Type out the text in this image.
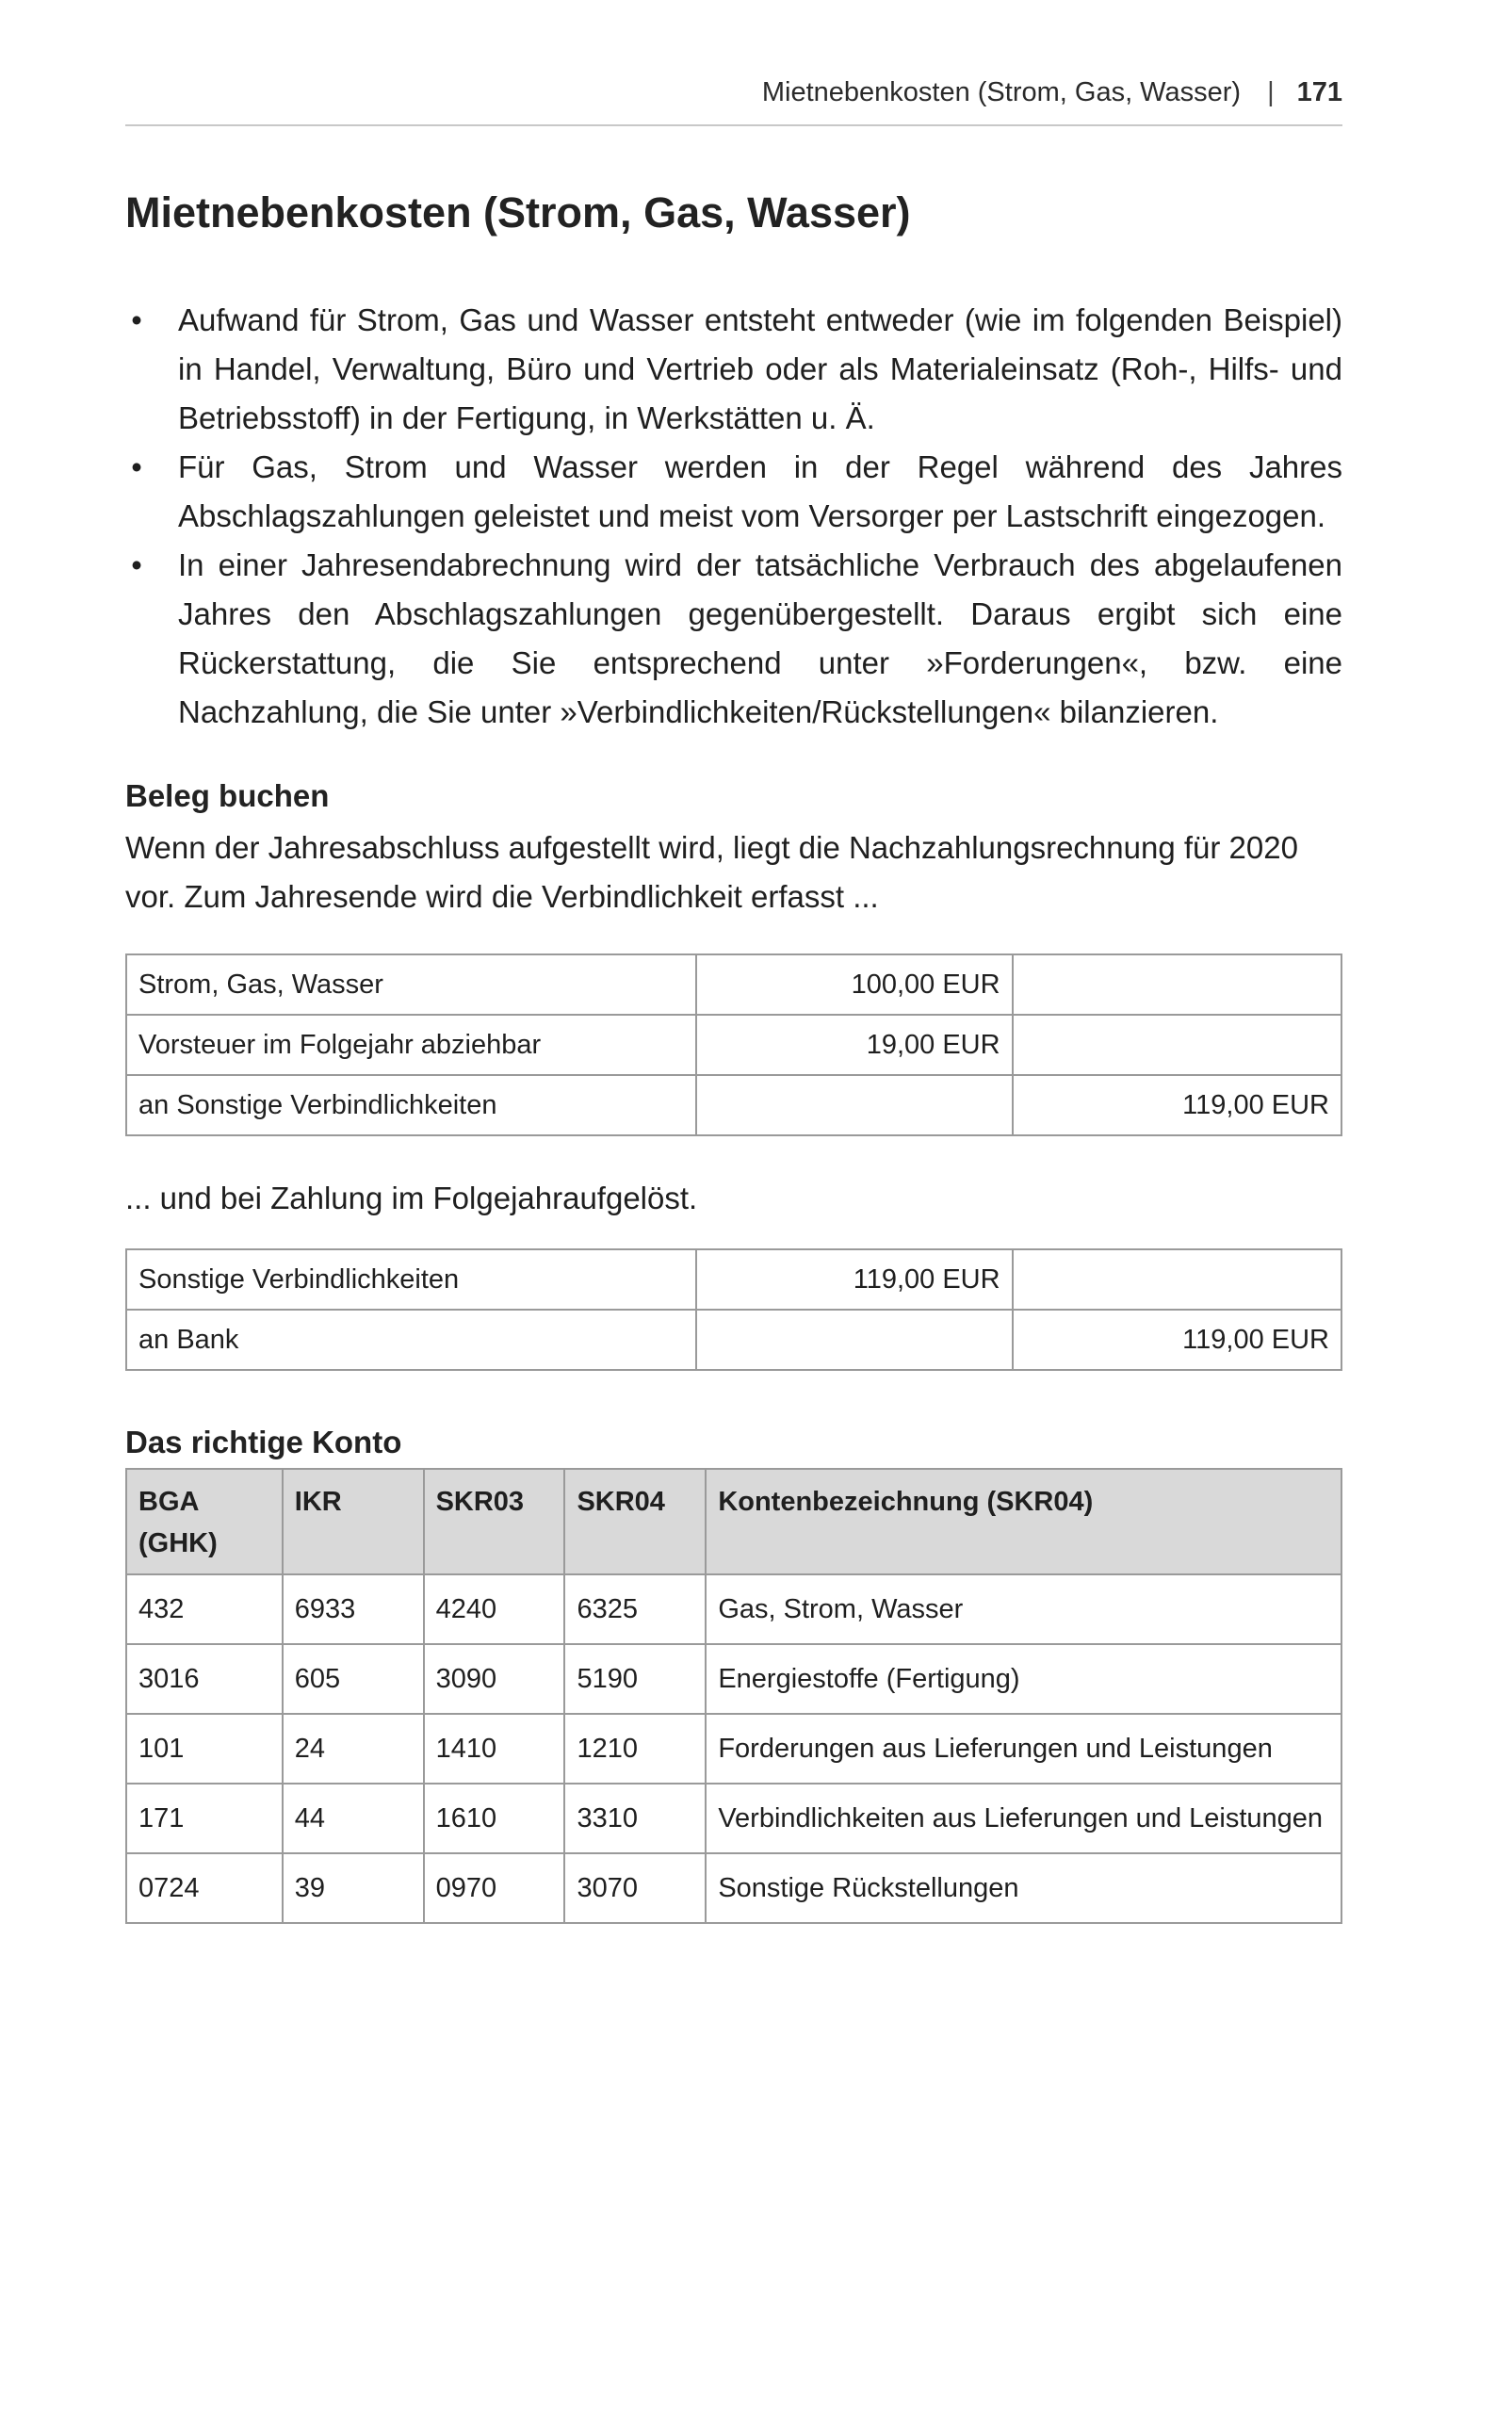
Mietnebenkosten (Strom, Gas, Wasser) | 171
Mietnebenkosten (Strom, Gas, Wasser)
• Aufwand für Strom, Gas und Wasser entsteht entweder (wie im folgenden Beispiel) in Handel, Verwaltung, Büro und Vertrieb oder als Materialeinsatz (Roh-, Hilfs- und Betriebsstoff) in der Fertigung, in Werkstätten u. Ä.
• Für Gas, Strom und Wasser werden in der Regel während des Jahres Abschlagszahlungen geleistet und meist vom Versorger per Lastschrift eingezogen.
• In einer Jahresendabrechnung wird der tatsächliche Verbrauch des abgelaufenen Jahres den Abschlagszahlungen gegenübergestellt. Daraus ergibt sich eine Rückerstattung, die Sie entsprechend unter »Forderungen«, bzw. eine Nachzahlung, die Sie unter »Verbindlichkeiten/Rückstellungen« bilanzieren.
Beleg buchen

Wenn der Jahresabschluss aufgestellt wird, liegt die Nachzahlungsrechnung für 2020 vor. Zum Jahresende wird die Verbindlichkeit erfasst ...

Strom, Gas, Wasser	100,00 EUR	
Vorsteuer im Folgejahr abziehbar	19,00 EUR	
an Sonstige Verbindlichkeiten		119,00 EUR

... und bei Zahlung im Folgejahraufgelöst.

Sonstige Verbindlichkeiten	119,00 EUR	
an Bank		119,00 EUR
Das richtige Konto
BGA (GHK)	IKR	SKR03	SKR04	Kontenbezeichnung (SKR04)
432	6933	4240	6325	Gas, Strom, Wasser
3016	605	3090	5190	Energiestoffe (Fertigung)
101	24	1410	1210	Forderungen aus Lieferungen und Leistungen
171	44	1610	3310	Verbindlichkeiten aus Lieferungen und Leistungen
0724	39	0970	3070	Sonstige Rückstellungen
